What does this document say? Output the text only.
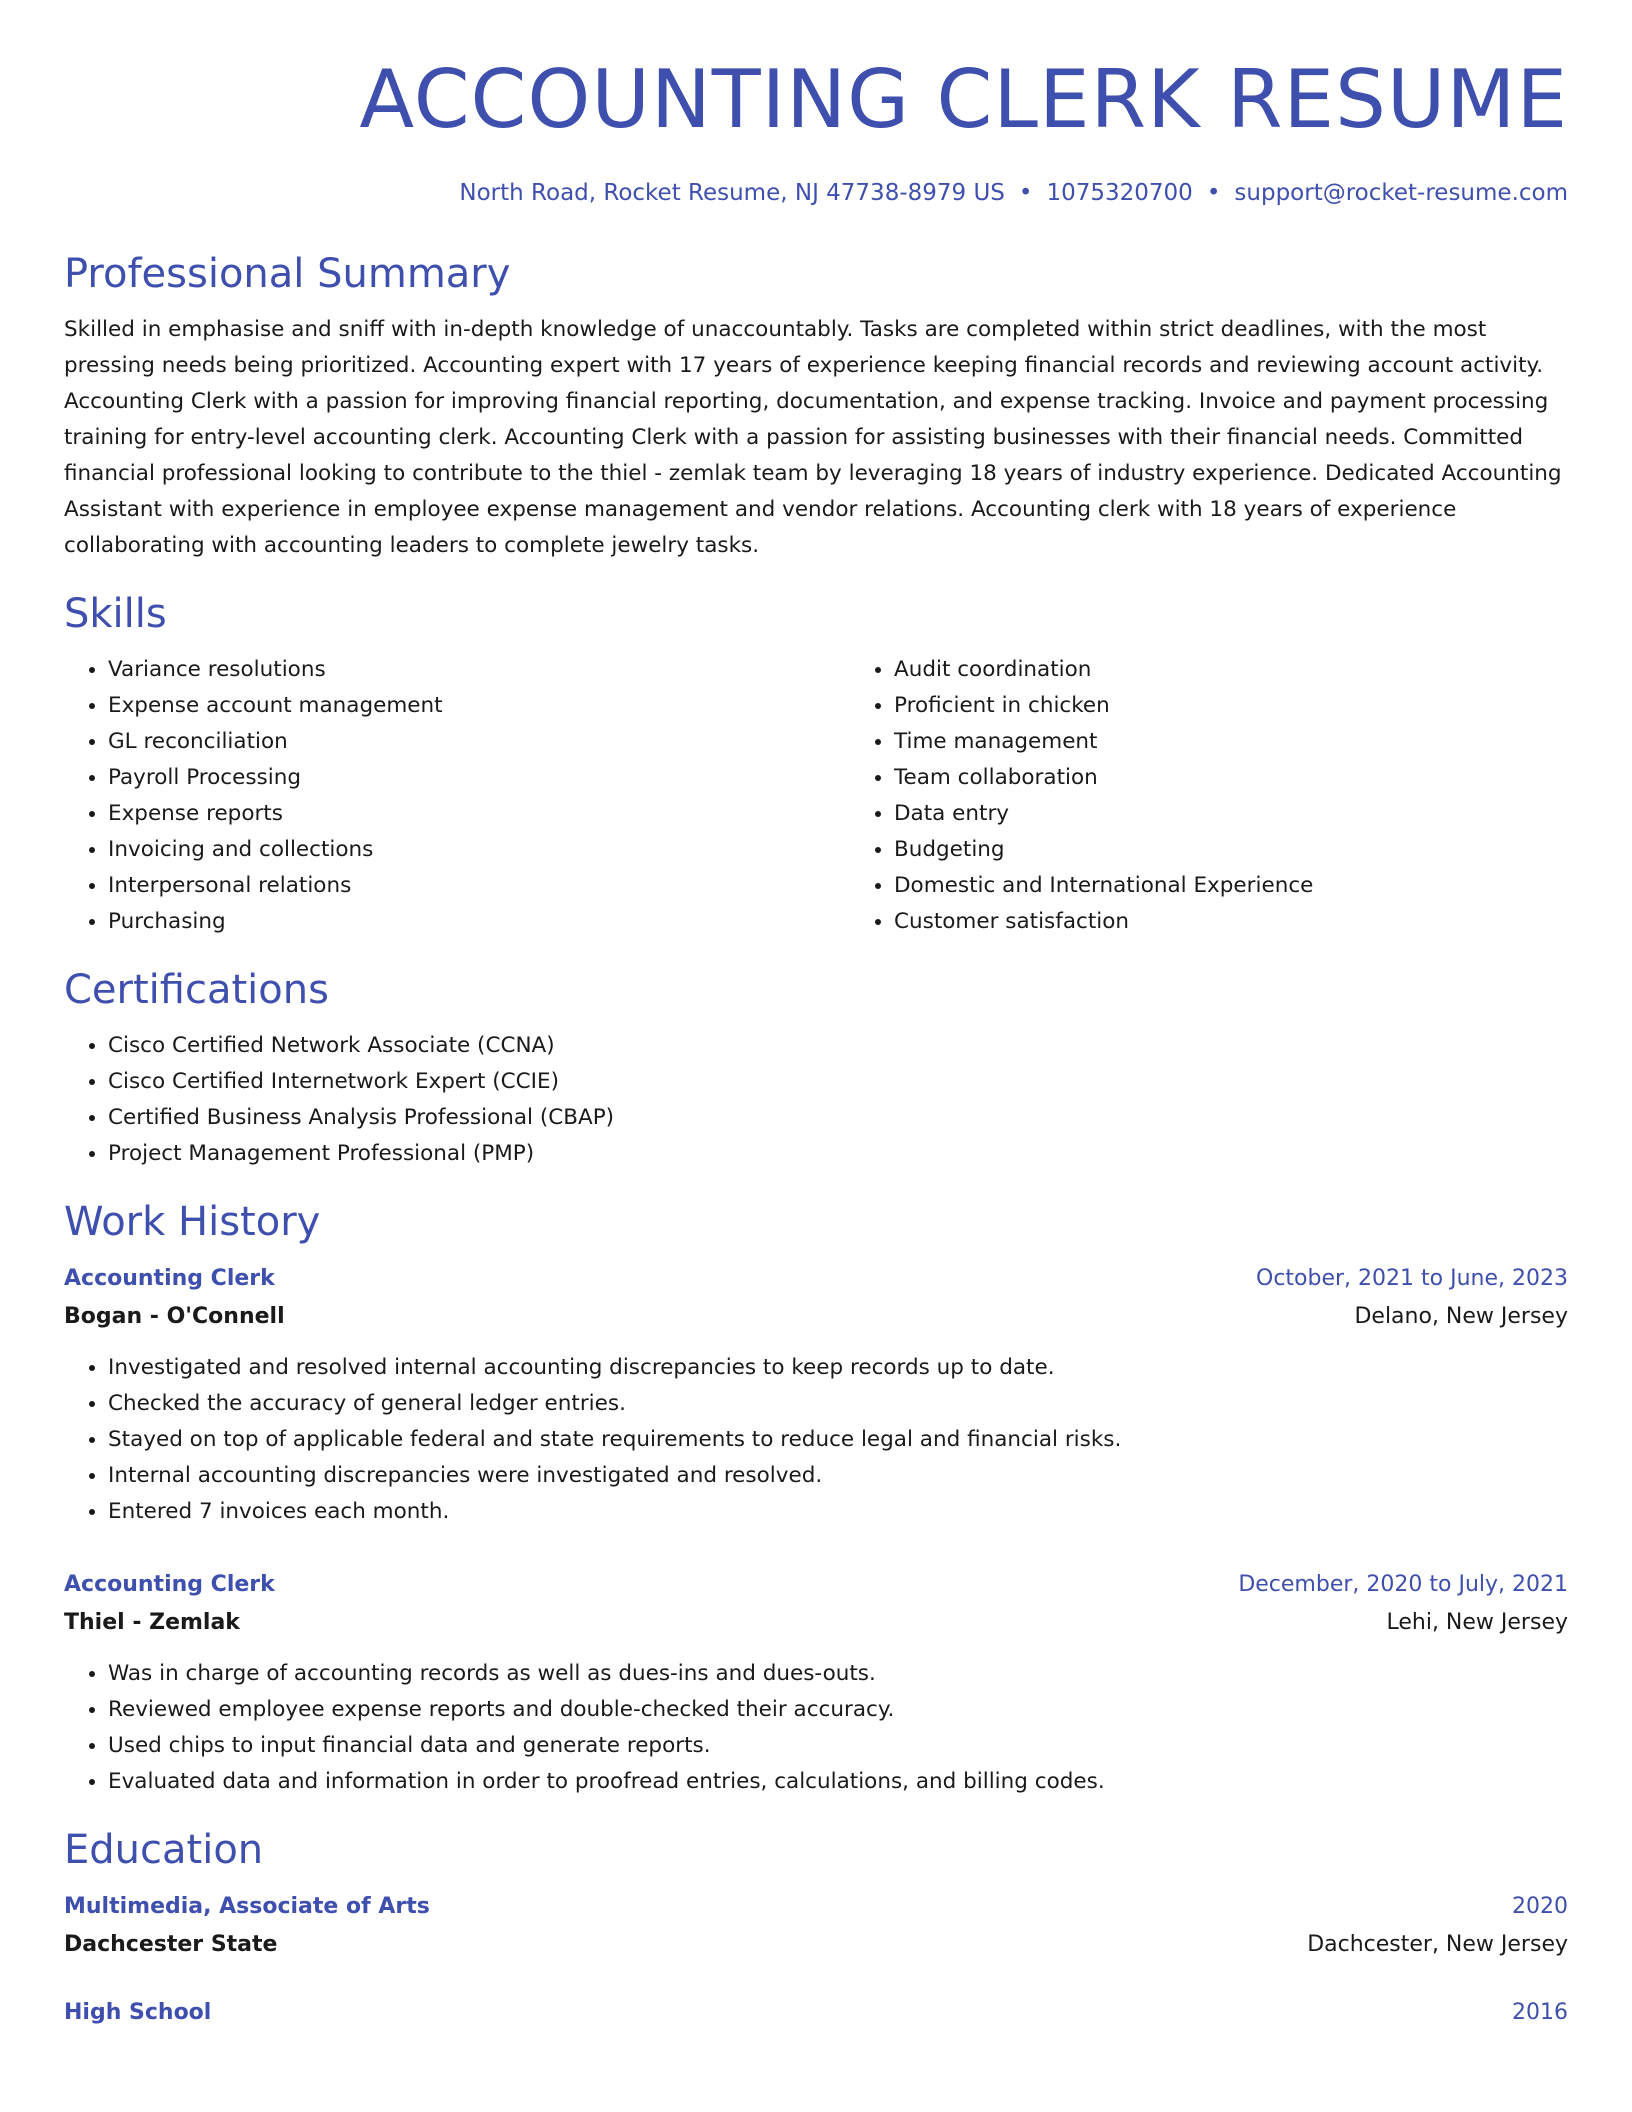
ACCOUNTING CLERK RESUME
North Road, Rocket Resume, NJ 47738-8979 US • 1075320700 • support@rocket-resume.com
Professional Summary

Skilled in emphasise and sniff with in-depth knowledge of unaccountably. Tasks are completed within strict deadlines, with the most pressing needs being prioritized. Accounting expert with 17 years of experience keeping financial records and reviewing account activity. Accounting Clerk with a passion for improving financial reporting, documentation, and expense tracking. Invoice and payment processing training for entry-level accounting clerk. Accounting Clerk with a passion for assisting businesses with their financial needs. Committed financial professional looking to contribute to the thiel - zemlak team by leveraging 18 years of industry experience. Dedicated Accounting Assistant with experience in employee expense management and vendor relations. Accounting clerk with 18 years of experience collaborating with accounting leaders to complete jewelry tasks.

Skills
• Variance resolutions
• Expense account management
• GL reconciliation
• Payroll Processing
• Expense reports
• Invoicing and collections
• Interpersonal relations
• Purchasing
• Audit coordination
• Proficient in chicken
• Time management
• Team collaboration
• Data entry
• Budgeting
• Domestic and International Experience
• Customer satisfaction
Certifications
• Cisco Certified Network Associate (CCNA)
• Cisco Certified Internetwork Expert (CCIE)
• Certified Business Analysis Professional (CBAP)
• Project Management Professional (PMP)
Work History
Accounting Clerk	October, 2021 to June, 2023
Bogan - O'Connell	Delano, New Jersey
• Investigated and resolved internal accounting discrepancies to keep records up to date.
• Checked the accuracy of general ledger entries.
• Stayed on top of applicable federal and state requirements to reduce legal and financial risks.
• Internal accounting discrepancies were investigated and resolved.
• Entered 7 invoices each month.
Accounting Clerk	December, 2020 to July, 2021
Thiel - Zemlak	Lehi, New Jersey
• Was in charge of accounting records as well as dues-ins and dues-outs.
• Reviewed employee expense reports and double-checked their accuracy.
• Used chips to input financial data and generate reports.
• Evaluated data and information in order to proofread entries, calculations, and billing codes.
Education
Multimedia, Associate of Arts	2020
Dachcester State	Dachcester, New Jersey
High School	2016
